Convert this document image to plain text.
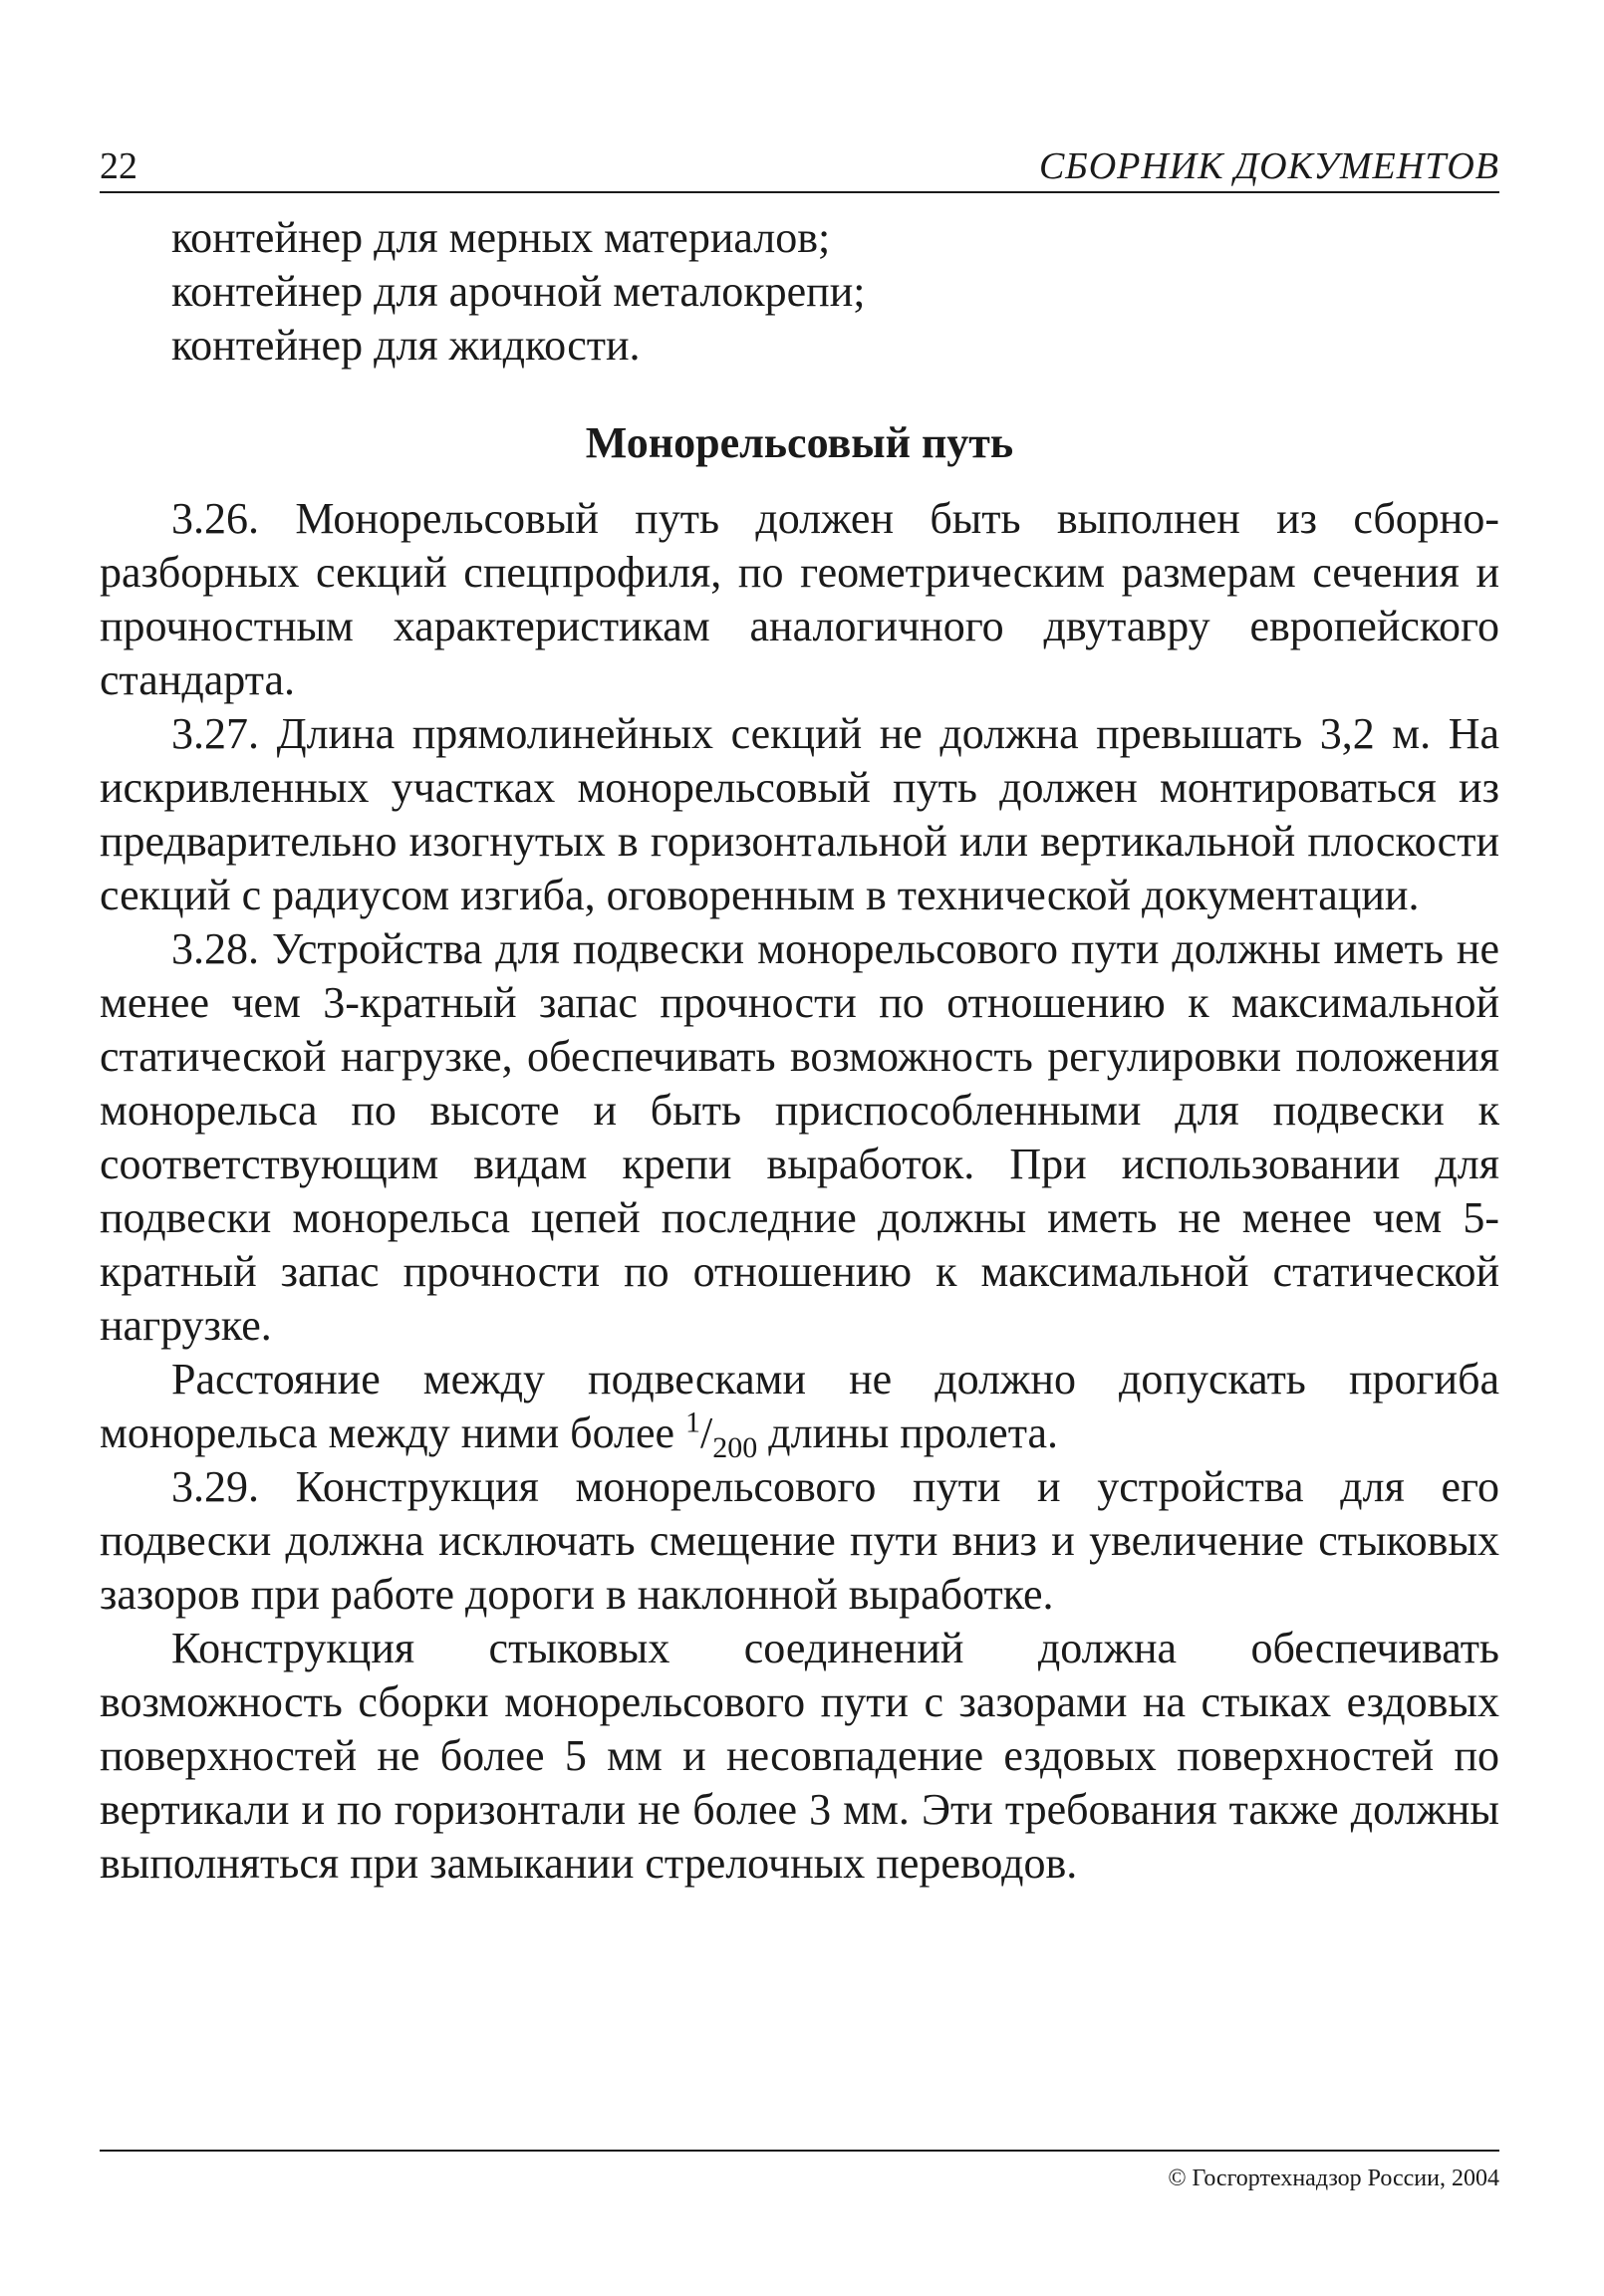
22	СБОРНИК ДОКУМЕНТОВ

контейнер для мерных материалов;

контейнер для арочной металокрепи;

контейнер для жидкости.

Монорельсовый путь

3.26. Монорельсовый путь должен быть выполнен из сборно-разборных секций спецпрофиля, по геометрическим размерам сечения и прочностным характеристикам аналогичного двутавру европейского стандарта.

3.27. Длина прямолинейных секций не должна превышать 3,2 м. На искривленных участках монорельсовый путь должен монтироваться из предварительно изогнутых в горизонтальной или вертикальной плоскости секций с радиусом изгиба, оговоренным в технической документации.

3.28. Устройства для подвески монорельсового пути должны иметь не менее чем 3-кратный запас прочности по отношению к максимальной статической нагрузке, обеспечивать возможность регулировки положения монорельса по высоте и быть приспособленными для подвески к соответствующим видам крепи выработок. При использовании для подвески монорельса цепей последние должны иметь не менее чем 5-кратный запас прочности по отношению к максимальной статической нагрузке.

Расстояние между подвесками не должно допускать прогиба монорельса между ними более $^1/_{200}$ длины пролета.

3.29. Конструкция монорельсового пути и устройства для его подвески должна исключать смещение пути вниз и увеличение стыковых зазоров при работе дороги в наклонной выработке.

Конструкция стыковых соединений должна обеспечивать возможность сборки монорельсового пути с зазорами на стыках ездовых поверхностей не более 5 мм и несовпадение ездовых поверхностей по вертикали и по горизонтали не более 3 мм. Эти требования также должны выполняться при замыкании стрелочных переводов.

© Госгортехнадзор России, 2004
